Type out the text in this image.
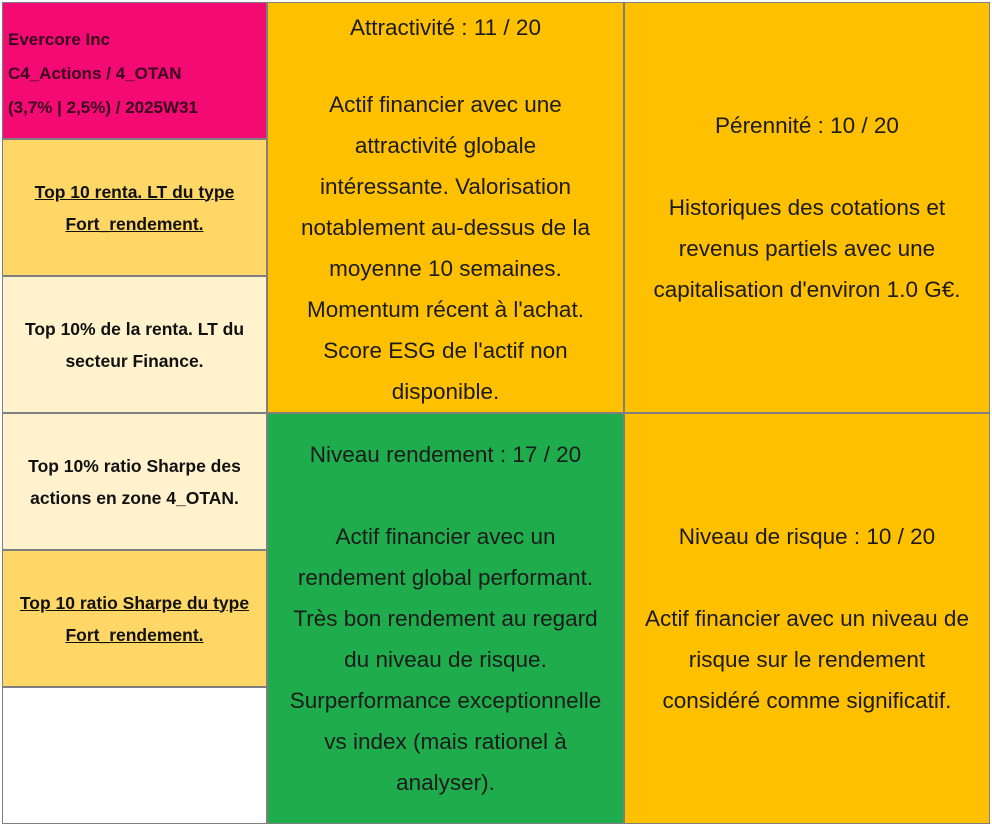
Evercore Inc
C4_Actions / 4_OTAN
(3,7% | 2,5%) / 2025W31
Top 10 renta. LT du type Fort_rendement.
Top 10% de la renta. LT du secteur Finance.
Top 10% ratio Sharpe des actions en zone 4_OTAN.
Top 10 ratio Sharpe du type Fort_rendement.
Attractivité : 11 / 20
Actif financier avec une
attractivité globale
intéressante. Valorisation
notablement au-dessus de la
moyenne 10 semaines.
Momentum récent à l'achat.
Score ESG de l'actif non
disponible.
Pérennité : 10 / 20
Historiques des cotations et
revenus partiels avec une
capitalisation d'environ 1.0 G€.
Niveau rendement : 17 / 20
Actif financier avec un
rendement global performant.
Très bon rendement au regard
du niveau de risque.
Surperformance exceptionnelle
vs index (mais rationel à
analyser).
Niveau de risque : 10 / 20
Actif financier avec un niveau de
risque sur le rendement
considéré comme significatif.
